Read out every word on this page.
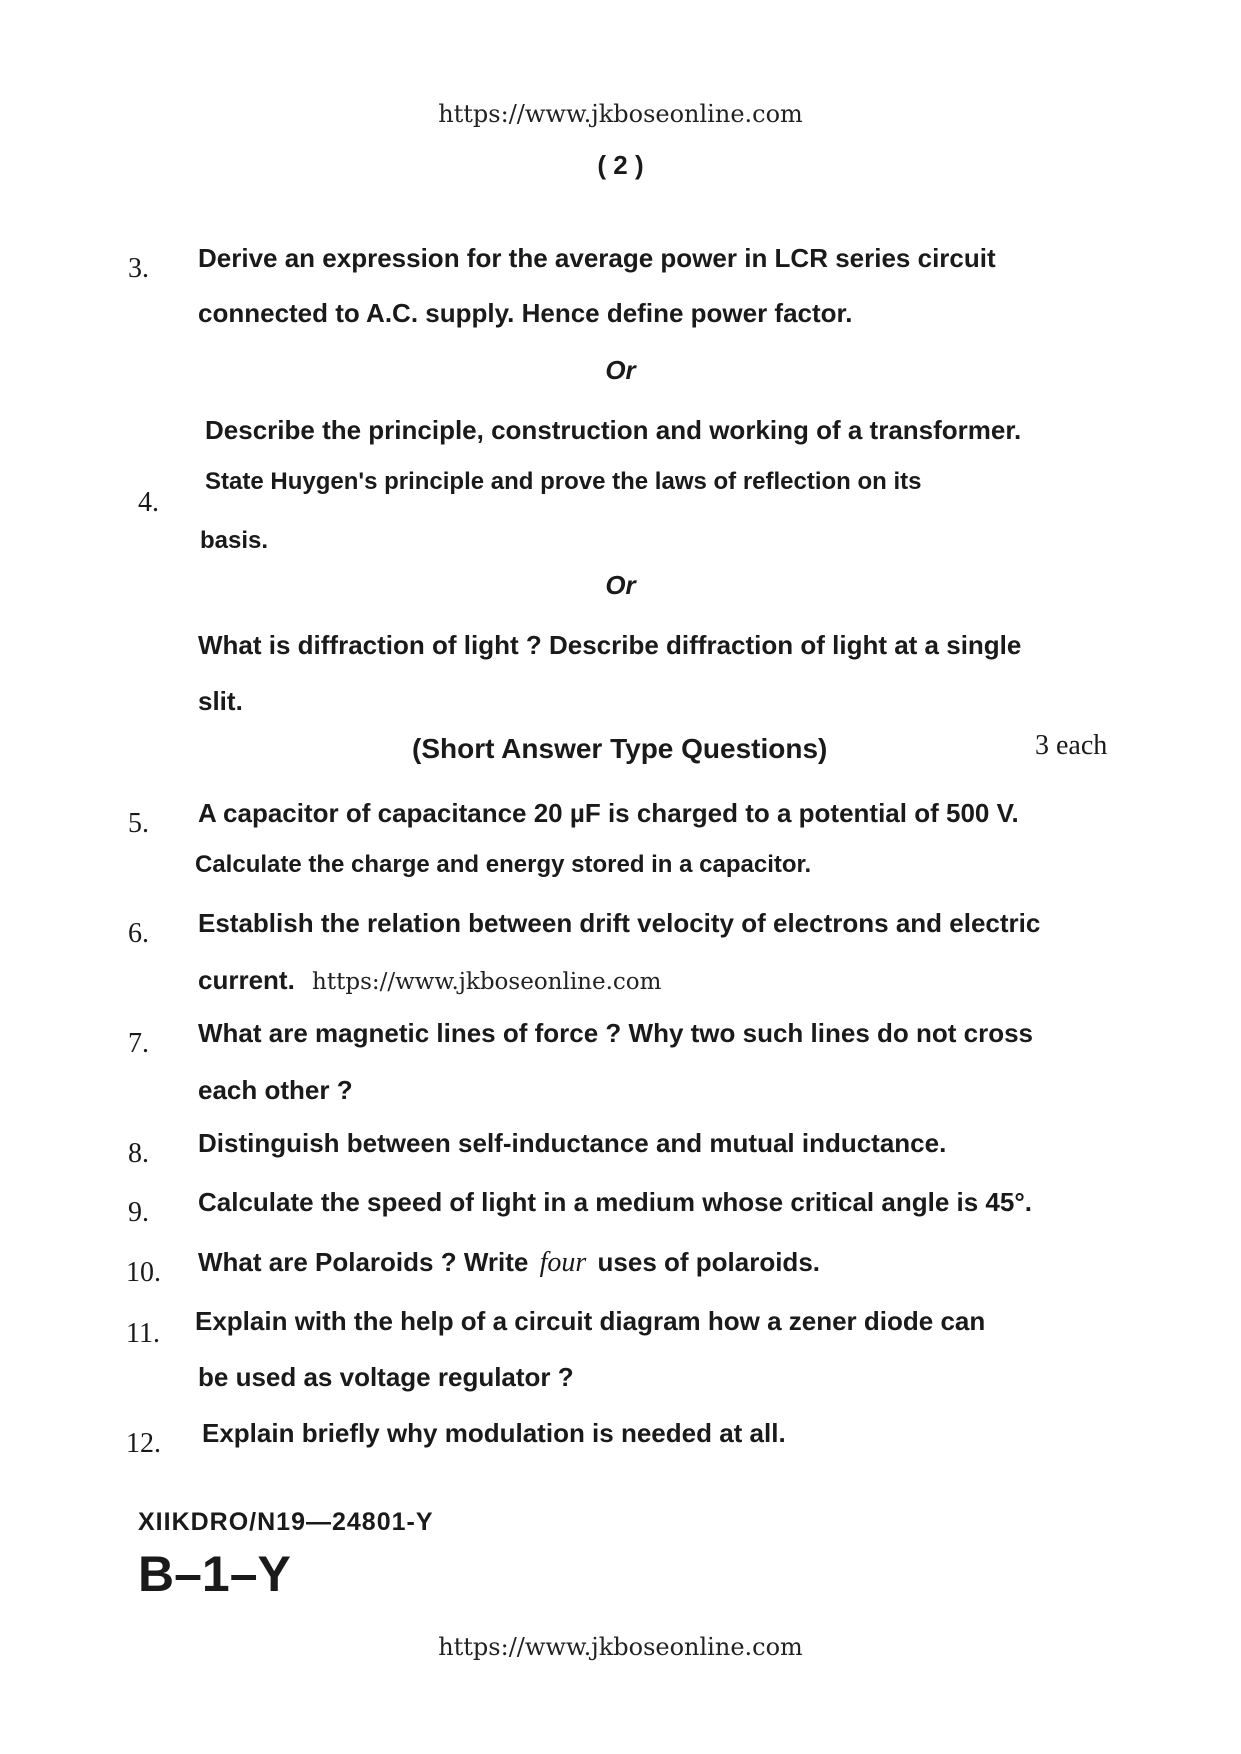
https://www.jkboseonline.com
( 2 )
3. Derive an expression for the average power in LCR series circuit
connected to A.C. supply. Hence define power factor.
Or
Describe the principle, construction and working of a transformer.
4.
State Huygen's principle and prove the laws of reflection on its
basis.
Or
What is diffraction of light ? Describe diffraction of light at a single
slit.
(Short Answer Type Questions)	3 each
5. A capacitor of capacitance 20 µF is charged to a potential of 500 V.
Calculate the charge and energy stored in a capacitor.
6. Establish the relation between drift velocity of electrons and electric
current. https://www.jkboseonline.com
7. What are magnetic lines of force ? Why two such lines do not cross
each other ?
8. Distinguish between self-inductance and mutual inductance.
9. Calculate the speed of light in a medium whose critical angle is 45°.
10. What are Polaroids ? Write four uses of polaroids.
11. Explain with the help of a circuit diagram how a zener diode can
be used as voltage regulator ?
12. Explain briefly why modulation is needed at all.
XIIKDRO/N19—24801-Y
B–1–Y
https://www.jkboseonline.com
